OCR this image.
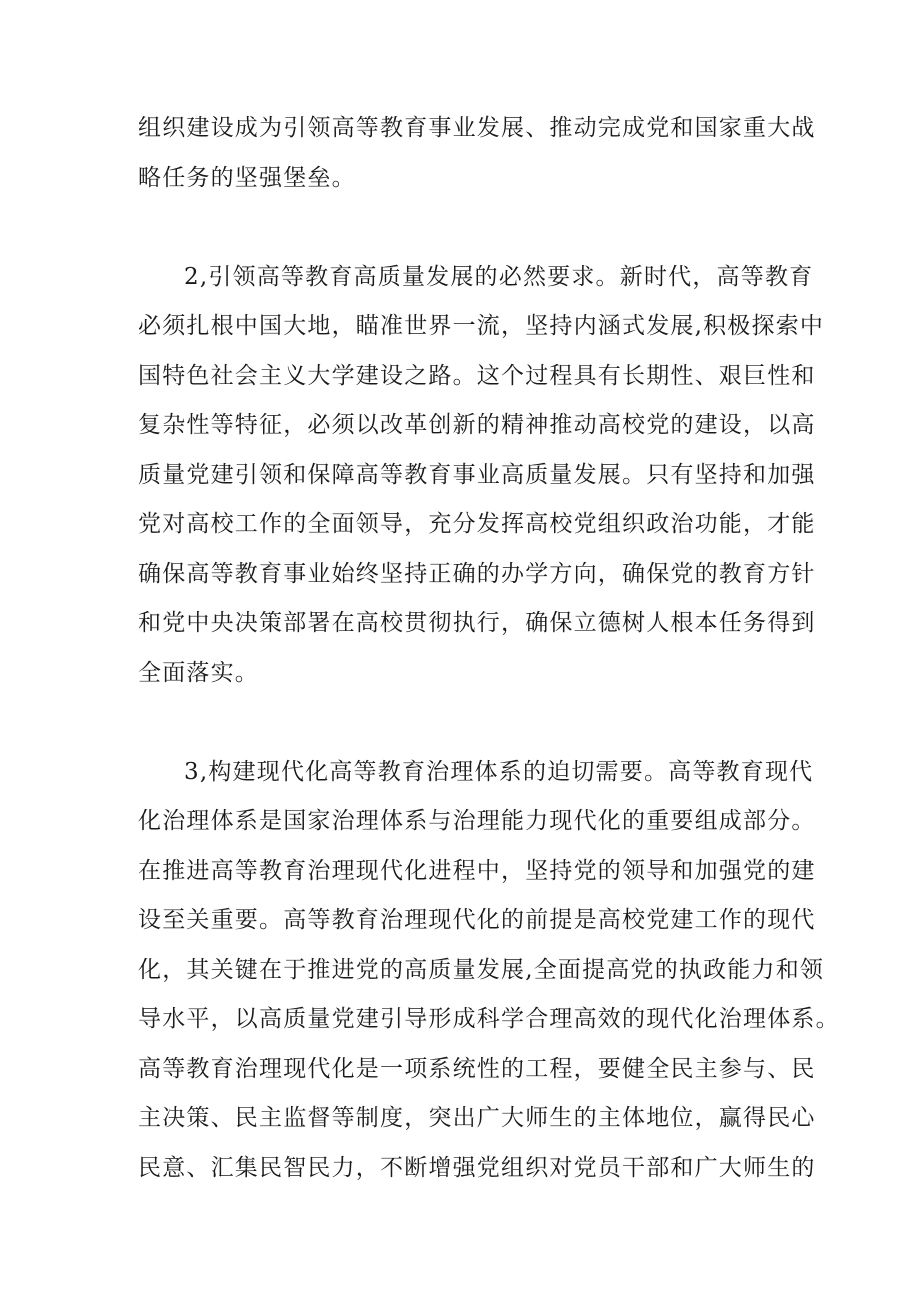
组织建设成为引领高等教育事业发展、推动完成党和国家重大战
略任务的坚强堡垒。
2,引领高等教育高质量发展的必然要求。新时代，高等教育
必须扎根中国大地，瞄准世界一流，坚持内涵式发展,积极探索中
国特色社会主义大学建设之路。这个过程具有长期性、艰巨性和
复杂性等特征，必须以改革创新的精神推动高校党的建设，以高
质量党建引领和保障高等教育事业高质量发展。只有坚持和加强
党对高校工作的全面领导，充分发挥高校党组织政治功能，才能
确保高等教育事业始终坚持正确的办学方向，确保党的教育方针
和党中央决策部署在高校贯彻执行，确保立德树人根本任务得到
全面落实。
3,构建现代化高等教育治理体系的迫切需要。高等教育现代
化治理体系是国家治理体系与治理能力现代化的重要组成部分。
在推进高等教育治理现代化进程中，坚持党的领导和加强党的建
设至关重要。高等教育治理现代化的前提是高校党建工作的现代
化，其关键在于推进党的高质量发展,全面提高党的执政能力和领
导水平，以高质量党建引导形成科学合理高效的现代化治理体系。
高等教育治理现代化是一项系统性的工程，要健全民主参与、民
主决策、民主监督等制度，突出广大师生的主体地位，赢得民心
民意、汇集民智民力，不断增强党组织对党员干部和广大师生的
